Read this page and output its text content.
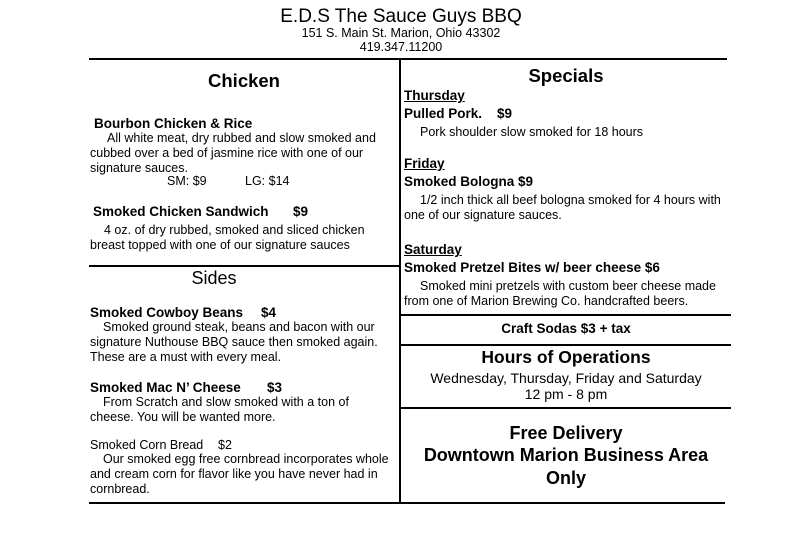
E.D.S The Sauce Guys BBQ
151 S. Main St. Marion, Ohio 43302
419.347.11200
Chicken
Bourbon Chicken & Rice
All white meat, dry rubbed and slow smoked and cubbed over a bed of jasmine rice with one of our signature sauces.
SM: $9	LG: $14
Smoked Chicken Sandwich $9
4 oz. of dry rubbed, smoked and sliced chicken breast topped with one of our signature sauces
Sides
Smoked Cowboy Beans $4
Smoked ground steak, beans and bacon with our signature Nuthouse BBQ sauce then smoked again. These are a must with every meal.
Smoked Mac N’ Cheese $3
From Scratch and slow smoked with a ton of cheese. You will be wanted more.
Smoked Corn Bread $2
Our smoked egg free cornbread incorporates whole and cream corn for flavor like you have never had in cornbread.
Specials
Thursday
Pulled Pork. $9
Pork shoulder slow smoked for 18 hours
Friday
Smoked Bologna $9
1/2 inch thick all beef bologna smoked for 4 hours with one of our signature sauces.
Saturday
Smoked Pretzel Bites w/ beer cheese $6
Smoked mini pretzels with custom beer cheese made from one of Marion Brewing Co. handcrafted beers.
Craft Sodas $3 + tax
Hours of Operations
Wednesday, Thursday, Friday and Saturday
12 pm - 8 pm
Free Delivery
Downtown Marion Business Area
Only
